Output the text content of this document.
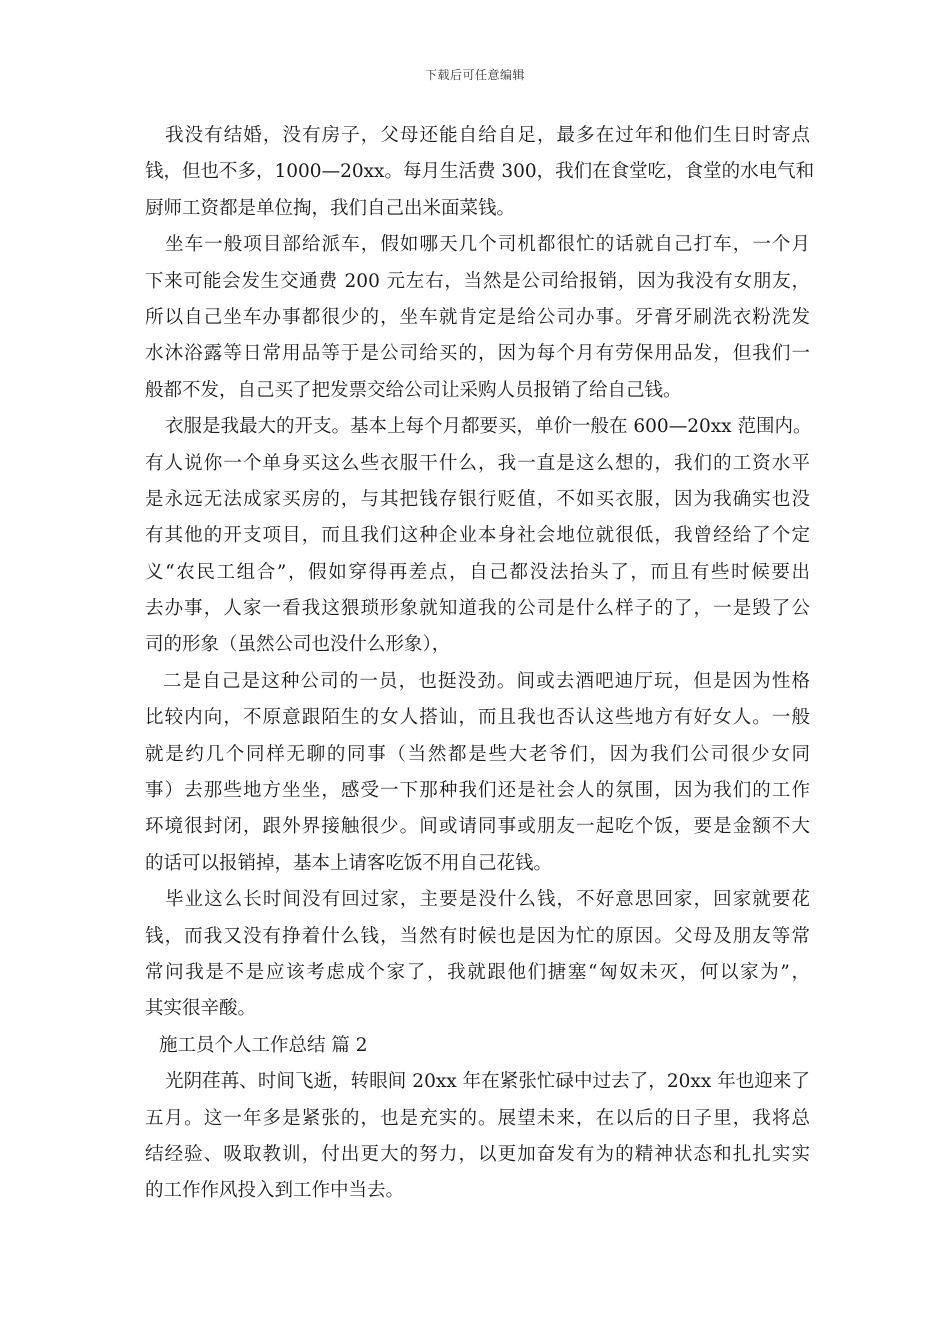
下载后可任意编辑
我没有结婚，没有房子，父母还能自给自足，最多在过年和他们生日时寄点
钱，但也不多，1000—20xx。每月生活费 300，我们在食堂吃，食堂的水电气和
厨师工资都是单位掏，我们自己出米面菜钱。
坐车一般项目部给派车，假如哪天几个司机都很忙的话就自己打车，一个月
下来可能会发生交通费 200 元左右，当然是公司给报销，因为我没有女朋友，
所以自己坐车办事都很少的，坐车就肯定是给公司办事。牙膏牙刷洗衣粉洗发
水沐浴露等日常用品等于是公司给买的，因为每个月有劳保用品发，但我们一
般都不发，自己买了把发票交给公司让采购人员报销了给自己钱。
衣服是我最大的开支。基本上每个月都要买，单价一般在 600—20xx 范围内。
有人说你一个单身买这么些衣服干什么，我一直是这么想的，我们的工资水平
是永远无法成家买房的，与其把钱存银行贬值，不如买衣服，因为我确实也没
有其他的开支项目，而且我们这种企业本身社会地位就很低，我曾经给了个定
义“农民工组合”，假如穿得再差点，自己都没法抬头了，而且有些时候要出
去办事，人家一看我这猥琐形象就知道我的公司是什么样子的了，一是毁了公
司的形象（虽然公司也没什么形象），
二是自己是这种公司的一员，也挺没劲。间或去酒吧迪厅玩，但是因为性格
比较内向，不原意跟陌生的女人搭讪，而且我也否认这些地方有好女人。一般
就是约几个同样无聊的同事（当然都是些大老爷们，因为我们公司很少女同
事）去那些地方坐坐，感受一下那种我们还是社会人的氛围，因为我们的工作
环境很封闭，跟外界接触很少。间或请同事或朋友一起吃个饭，要是金额不大
的话可以报销掉，基本上请客吃饭不用自己花钱。
毕业这么长时间没有回过家，主要是没什么钱，不好意思回家，回家就要花
钱，而我又没有挣着什么钱，当然有时候也是因为忙的原因。父母及朋友等常
常问我是不是应该考虑成个家了，我就跟他们搪塞“匈奴未灭，何以家为”，
其实很辛酸。
施工员个人工作总结 篇 2
光阴荏苒、时间飞逝，转眼间 20xx 年在紧张忙碌中过去了，20xx 年也迎来了
五月。这一年多是紧张的，也是充实的。展望未来，在以后的日子里，我将总
结经验、吸取教训，付出更大的努力，以更加奋发有为的精神状态和扎扎实实
的工作作风投入到工作中当去。
